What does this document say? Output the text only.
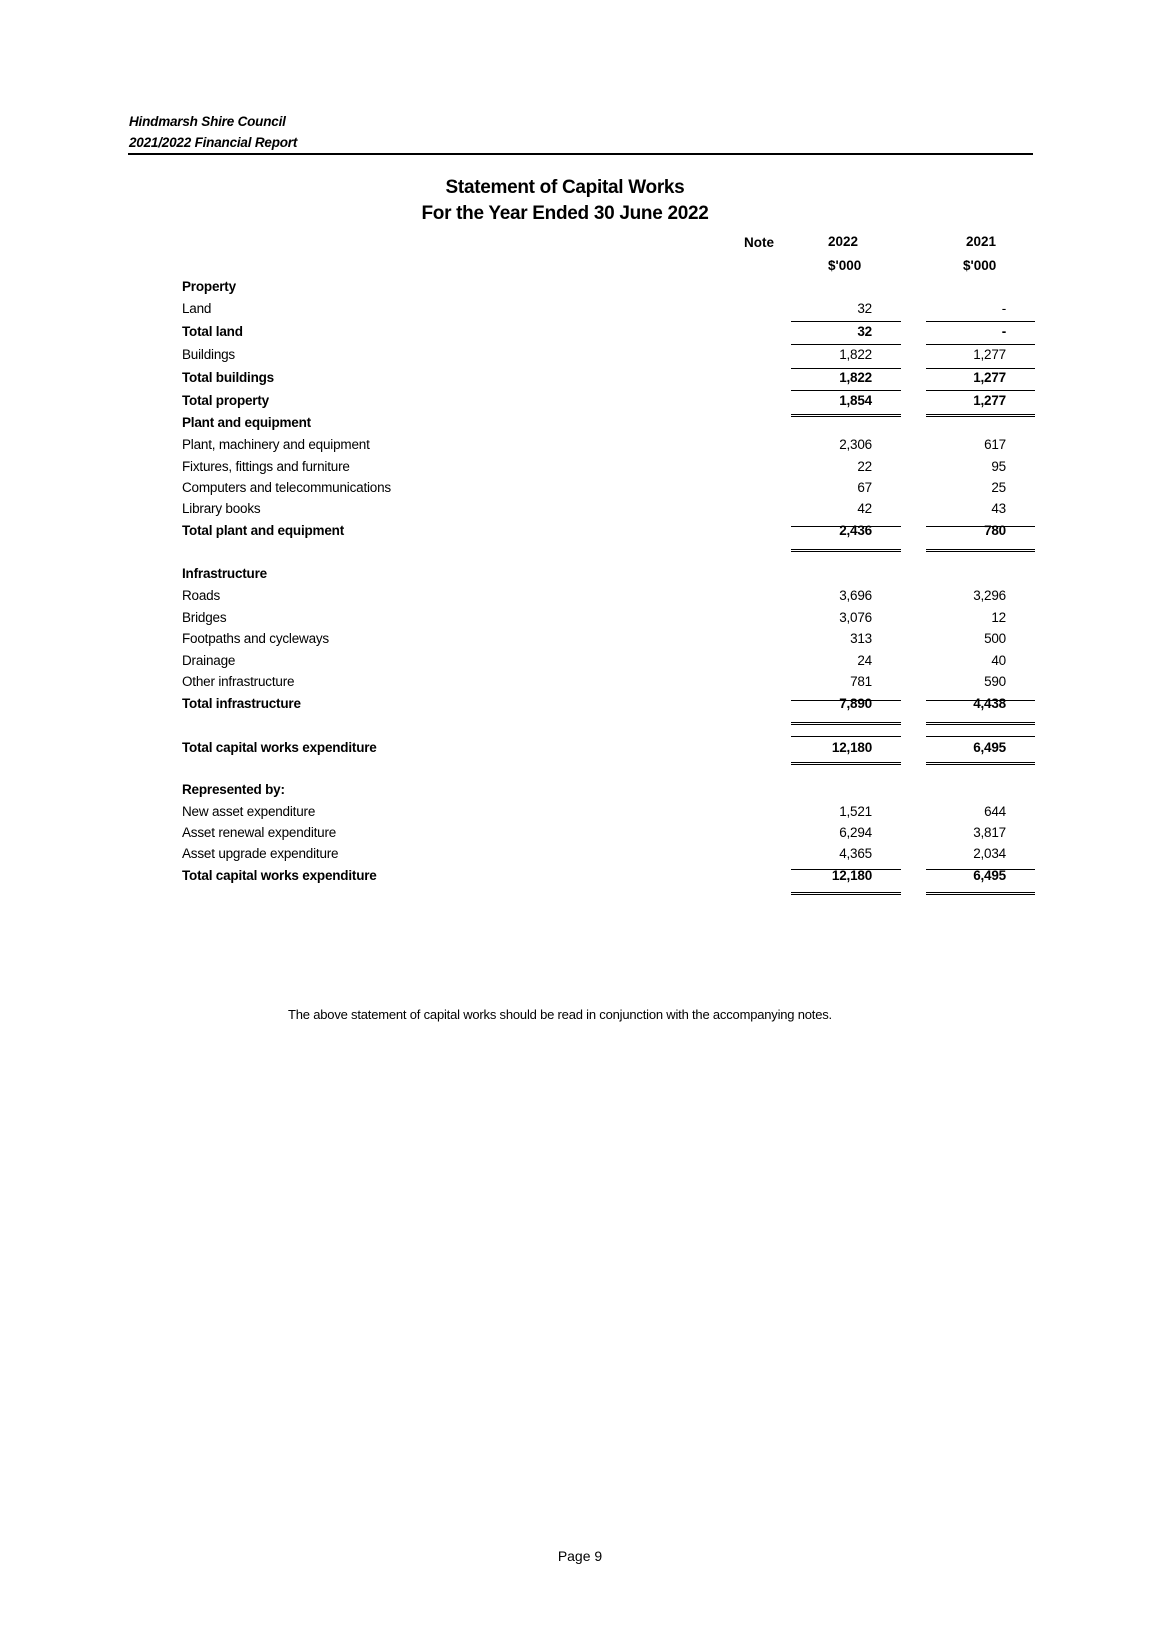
Hindmarsh Shire Council
2021/2022 Financial Report
Statement of Capital Works
For the Year Ended 30 June 2022
Note	2022	2021
$'000	$'000
Property
Land	32	-
Total land	32	-
Buildings	1,822	1,277
Total buildings	1,822	1,277
Total property	1,854	1,277
Plant and equipment
Plant, machinery and equipment	2,306	617
Fixtures, fittings and furniture	22	95
Computers and telecommunications	67	25
Library books	42	43
Total plant and equipment	2,436	780
Infrastructure
Roads	3,696	3,296
Bridges	3,076	12
Footpaths and cycleways	313	500
Drainage	24	40
Other infrastructure	781	590
Total infrastructure	7,890	4,438
Total capital works expenditure	12,180	6,495
Represented by:
New asset expenditure	1,521	644
Asset renewal expenditure	6,294	3,817
Asset upgrade expenditure	4,365	2,034
Total capital works expenditure	12,180	6,495
The above statement of capital works should be read in conjunction with the accompanying notes.
Page 9
